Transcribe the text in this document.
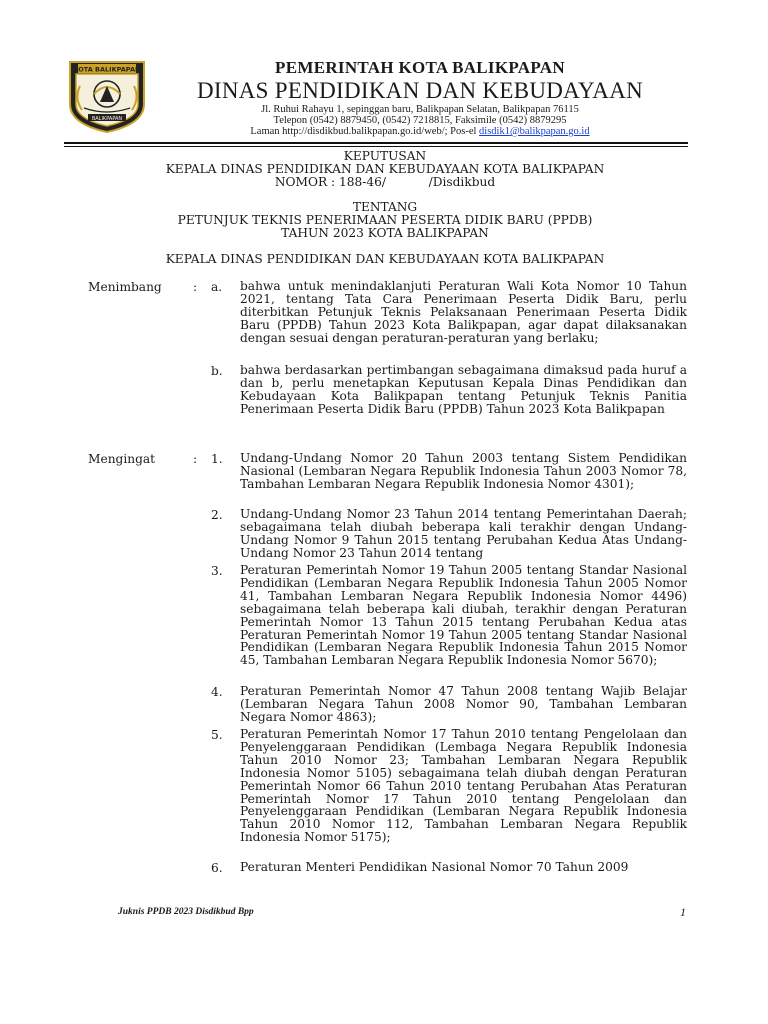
KOTA BALIKPAPAN
BALIKPAPAN
PEMERINTAH KOTA BALIKPAPAN
DINAS PENDIDIKAN DAN KEBUDAYAAN
Jl. Ruhui Rahayu 1, sepinggan baru, Balikpapan Selatan, Balikpapan 76115
Telepon (0542) 8879450, (0542) 7218815, Faksimile (0542) 8879295
Laman http://disdikbud.balikpapan.go.id/web/; Pos-el disdik1@balikpapan.go.id
KEPUTUSAN
KEPALA DINAS PENDIDIKAN DAN KEBUDAYAAN KOTA BALIKPAPAN
NOMOR : 188-46/           /Disdikbud
TENTANG
PETUNJUK TEKNIS PENERIMAAN PESERTA DIDIK BARU (PPDB)
TAHUN 2023 KOTA BALIKPAPAN
KEPALA DINAS PENDIDIKAN DAN KEBUDAYAAN KOTA BALIKPAPAN
Menimbang	: a. bahwa untuk menindaklanjuti Peraturan Wali Kota Nomor 10 Tahun 2021, tentang Tata Cara Penerimaan Peserta Didik Baru, perlu diterbitkan Petunjuk Teknis Pelaksanaan Penerimaan Peserta Didik Baru (PPDB) Tahun 2023 Kota Balikpapan, agar dapat dilaksanakan dengan sesuai dengan peraturan-peraturan yang berlaku;
b. bahwa berdasarkan pertimbangan sebagaimana dimaksud pada huruf a dan b, perlu menetapkan Keputusan Kepala Dinas Pendidikan dan Kebudayaan Kota Balikpapan tentang Petunjuk Teknis Panitia Penerimaan Peserta Didik Baru (PPDB) Tahun 2023 Kota Balikpapan
Mengingat	: 1. Undang-Undang Nomor 20 Tahun 2003 tentang Sistem Pendidikan Nasional (Lembaran Negara Republik Indonesia Tahun 2003 Nomor 78, Tambahan Lembaran Negara Republik Indonesia Nomor 4301);
2. Undang-Undang Nomor 23 Tahun 2014 tentang Pemerintahan Daerah; sebagaimana telah diubah beberapa kali terakhir dengan Undang-Undang Nomor 9 Tahun 2015 tentang Perubahan Kedua Atas Undang-Undang Nomor 23 Tahun 2014 tentang
3. Peraturan Pemerintah Nomor 19 Tahun 2005 tentang Standar Nasional Pendidikan (Lembaran Negara Republik Indonesia Tahun 2005 Nomor 41, Tambahan Lembaran Negara Republik Indonesia Nomor 4496) sebagaimana telah beberapa kali diubah, terakhir dengan Peraturan Pemerintah Nomor 13 Tahun 2015 tentang Perubahan Kedua atas Peraturan Pemerintah Nomor 19 Tahun 2005 tentang Standar Nasional Pendidikan (Lembaran Negara Republik Indonesia Tahun 2015 Nomor 45, Tambahan Lembaran Negara Republik Indonesia Nomor 5670);
4. Peraturan Pemerintah Nomor 47 Tahun 2008 tentang Wajib Belajar (Lembaran Negara Tahun 2008 Nomor 90, Tambahan Lembaran Negara Nomor 4863);
5. Peraturan Pemerintah Nomor 17 Tahun 2010 tentang Pengelolaan dan Penyelenggaraan Pendidikan (Lembaga Negara Republik Indonesia Tahun 2010 Nomor 23; Tambahan Lembaran Negara Republik Indonesia Nomor 5105) sebagaimana telah diubah dengan Peraturan Pemerintah Nomor 66 Tahun 2010 tentang Perubahan Atas Peraturan Pemerintah Nomor 17 Tahun 2010 tentang Pengelolaan dan Penyelenggaraan Pendidikan (Lembaran Negara Republik Indonesia Tahun 2010 Nomor 112, Tambahan Lembaran Negara Republik Indonesia Nomor 5175);
6. Peraturan Menteri Pendidikan Nasional Nomor 70 Tahun 2009
Juknis PPDB 2023 Disdikbud Bpp	1
